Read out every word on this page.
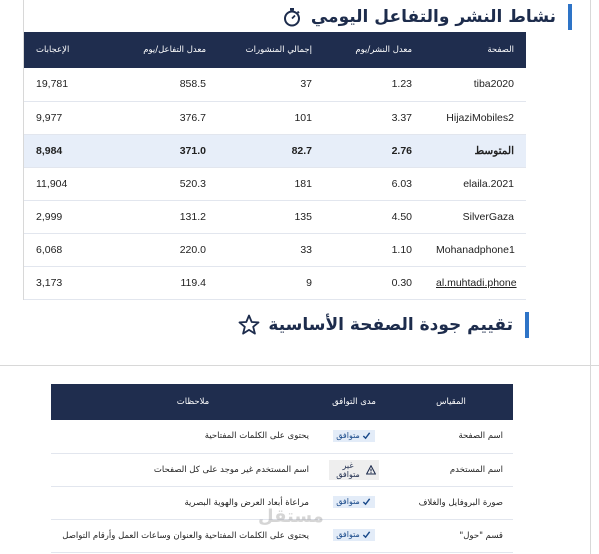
نشاط النشر والتفاعل اليومي
الإعجابات	معدل التفاعل/يوم	إجمالي المنشورات	معدل النشر/يوم	الصفحة
19,781	858.5	37	1.23	tiba2020
9,977	376.7	101	3.37	HijaziMobiles2
8,984	371.0	82.7	2.76	المتوسط
11,904	520.3	181	6.03	elaila.2021
2,999	131.2	135	4.50	SilverGaza
6,068	220.0	33	1.10	Mohanadphone1
3,173	119.4	9	0.30	al.muhtadi.phone
تقييم جودة الصفحة الأساسية
	ملاحظات	مدى التوافق	المقياس
	يحتوى على الكلمات المفتاحية	متوافق	اسم الصفحة
	اسم المستخدم غير موجد على كل الصفحات	غير متوافق	اسم المستخدم
	مراعاة أبعاد العرض والهوية البصرية	متوافق	صورة البروفايل والغلاف
	يحتوى على الكلمات المفتاحية والعنوان وساعات العمل وأرقام التواصل	متوافق	قسم "حول"
مستقل
